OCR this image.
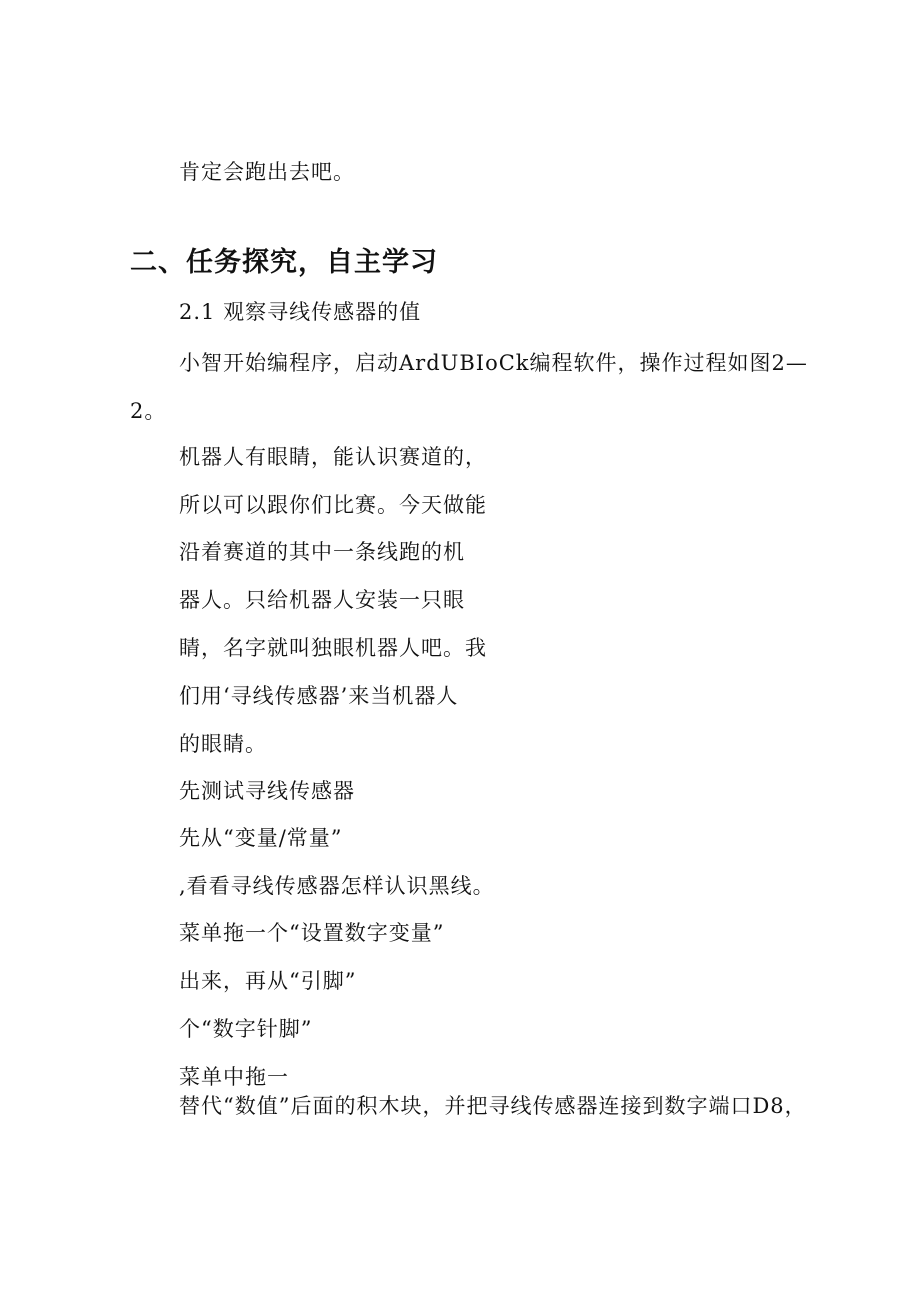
肯定会跑出去吧。
二、任务探究，自主学习
2.1 观察寻线传感器的值
小智开始编程序，启动ArdUBIoCk编程软件，操作过程如图2—
2。
机器人有眼睛，能认识赛道的，
所以可以跟你们比赛。今天做能
沿着赛道的其中一条线跑的机
器人。只给机器人安装一只眼
睛，名字就叫独眼机器人吧。我
们用‘寻线传感器’来当机器人
的眼睛。
先测试寻线传感器
先从“变量/常量”
,看看寻线传感器怎样认识黑线。
菜单拖一个“设置数字变量”
出来，再从“引脚”
个“数字针脚”
菜单中拖一
替代“数值”后面的积木块，并把寻线传感器连接到数字端口D8，
